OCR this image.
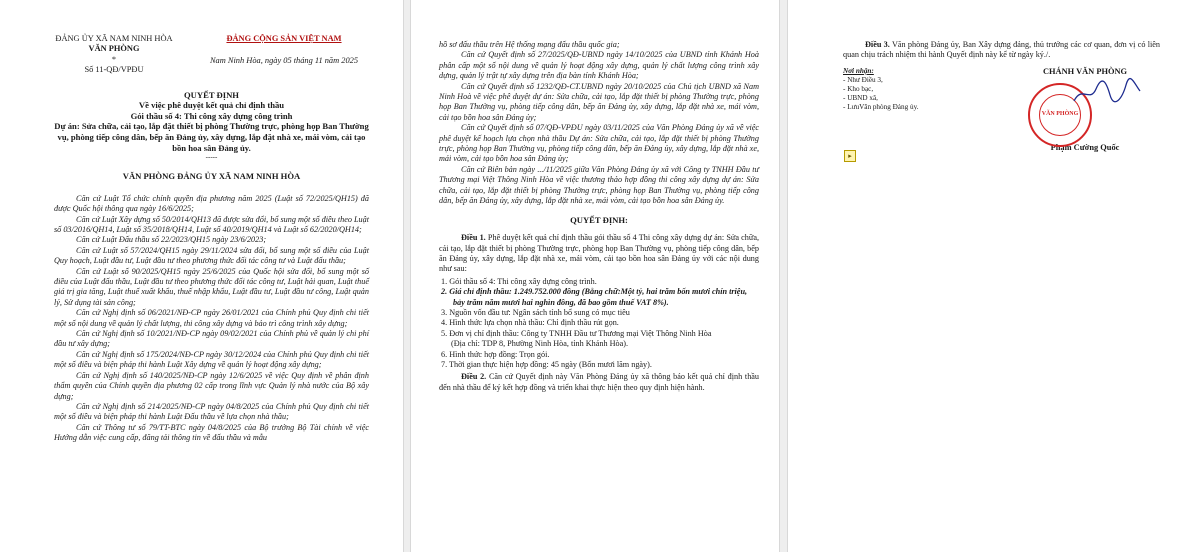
ĐẢNG ỦY XÃ NAM NINH HÒA

VĂN PHÒNG

*

Số 11-QĐ/VPĐU

ĐẢNG CỘNG SẢN VIỆT NAM

Nam Ninh Hòa, ngày 05 tháng 11 năm 2025

QUYẾT ĐỊNH

Về việc phê duyệt kết quả chỉ định thầu

Gói thầu số 4: Thi công xây dựng công trình

Dự án: Sửa chữa, cải tạo, lắp đặt thiết bị phòng Thường trực, phòng họp Ban Thường vụ, phòng tiếp công dân, bếp ăn Đảng ủy, xây dựng, lắp đặt nhà xe, mái vòm, cải tạo bồn hoa sân Đảng ủy.

-----

VĂN PHÒNG ĐẢNG ỦY XÃ NAM NINH HÒA

Căn cứ Luật Tổ chức chính quyền địa phương năm 2025 (Luật số 72/2025/QH15) đã được Quốc hội thông qua ngày 16/6/2025;

Căn cứ Luật Xây dựng số 50/2014/QH13 đã được sửa đổi, bổ sung một số điều theo Luật số 03/2016/QH14, Luật số 35/2018/QH14, Luật số 40/2019/QH14 và Luật số 62/2020/QH14;

Căn cứ Luật Đấu thầu số 22/2023/QH15 ngày 23/6/2023;

Căn cứ Luật số 57/2024/QH15 ngày 29/11/2024 sửa đổi, bổ sung một số điều của Luật Quy hoạch, Luật đầu tư, Luật đầu tư theo phương thức đối tác công tư và Luật đấu thầu;

Căn cứ Luật số 90/2025/QH15 ngày 25/6/2025 của Quốc hội sửa đổi, bổ sung một số điều của Luật đấu thầu, Luật đầu tư theo phương thức đối tác công tư, Luật hải quan, Luật thuế giá trị gia tăng, Luật thuế xuất khẩu, thuế nhập khẩu, Luật đầu tư, Luật đầu tư công, Luật quản lý, Sử dụng tài sản công;

Căn cứ Nghị định số 06/2021/NĐ-CP ngày 26/01/2021 của Chính phủ Quy định chi tiết một số nội dung về quản lý chất lượng, thi công xây dựng và bảo trì công trình xây dựng;

Căn cứ Nghị định số 10/2021/NĐ-CP ngày 09/02/2021 của Chính phủ về quản lý chi phí đầu tư xây dựng;

Căn cứ Nghị định số 175/2024/NĐ-CP ngày 30/12/2024 của Chính phủ Quy định chi tiết một số điều và biện pháp thi hành Luật Xây dựng về quản lý hoạt động xây dựng;

Căn cứ Nghị định số 140/2025/NĐ-CP ngày 12/6/2025 về việc Quy định về phân định thẩm quyền của Chính quyền địa phương 02 cấp trong lĩnh vực Quản lý nhà nước của Bộ xây dựng;

Căn cứ Nghị định số 214/2025/NĐ-CP ngày 04/8/2025 của Chính phủ Quy định chi tiết một số điều và biện pháp thi hành Luật Đấu thầu về lựa chọn nhà thầu;

Căn cứ Thông tư số 79/TT-BTC ngày 04/8/2025 của Bộ trưởng Bộ Tài chính về việc Hướng dẫn việc cung cấp, đăng tải thông tin về đấu thầu và mẫu

hồ sơ đấu thầu trên Hệ thống mạng đấu thầu quốc gia;

Căn cứ Quyết định số 27/2025/QĐ-UBND ngày 14/10/2025 của UBND tỉnh Khánh Hoà phân cấp một số nội dung về quản lý hoạt động xây dựng, quản lý chất lượng công trình xây dựng, quản lý trật tự xây dựng trên địa bàn tỉnh Khánh Hòa;

Căn cứ Quyết định số 1232/QĐ-CT.UBND ngày 20/10/2025 của Chủ tịch UBND xã Nam Ninh Hoà về việc phê duyệt dự án: Sửa chữa, cải tạo, lắp đặt thiết bị phòng Thường trực, phòng họp Ban Thường vụ, phòng tiếp công dân, bếp ăn Đảng ủy, xây dựng, lắp đặt nhà xe, mái vòm, cải tạo bồn hoa sân Đảng ủy;

Căn cứ Quyết định số 07/QĐ-VPĐU ngày 03/11/2025 của Văn Phòng Đảng ủy xã về việc phê duyệt kế hoạch lựa chọn nhà thầu Dự án: Sửa chữa, cải tạo, lắp đặt thiết bị phòng Thường trực, phòng họp Ban Thường vụ, phòng tiếp công dân, bếp ăn Đảng ủy, xây dựng, lắp đặt nhà xe, mái vòm, cải tạo bồn hoa sân Đảng ủy;

Căn cứ Biên bản ngày .../11/2025 giữa Văn Phòng Đảng ủy xã với Công ty TNHH Đầu tư Thương mại Việt Thông Ninh Hòa về việc thương thảo hợp đồng thi công xây dựng dự án: Sửa chữa, cải tạo, lắp đặt thiết bị phòng Thường trực, phòng họp Ban Thường vụ, phòng tiếp công dân, bếp ăn Đảng ủy, xây dựng, lắp đặt nhà xe, mái vòm, cải tạo bồn hoa sân Đảng ủy.

QUYẾT ĐỊNH:

Điều 1. Phê duyệt kết quả chỉ định thầu gói thầu số 4 Thi công xây dựng dự án: Sửa chữa, cải tạo, lắp đặt thiết bị phòng Thường trực, phòng họp Ban Thường vụ, phòng tiếp công dân, bếp ăn Đảng ủy, xây dựng, lắp đặt nhà xe, mái vòm, cải tạo bồn hoa sân Đảng ủy với các nội dung như sau:

1. Gói thầu số 4: Thi công xây dựng công trình.

2. Giá chỉ định thầu: 1.249.752.000 đồng (Bằng chữ:Một tỷ, hai trăm bốn mươi chín triệu, bảy trăm năm mươi hai nghìn đồng, đã bao gồm thuế VAT 8%).

3. Nguồn vốn đầu tư: Ngân sách tỉnh bổ sung có mục tiêu

4. Hình thức lựa chọn nhà thầu: Chỉ định thầu rút gọn.

5. Đơn vị chỉ định thầu: Công ty TNHH Đầu tư Thương mại Việt Thông Ninh Hòa

(Địa chỉ: TDP 8, Phường Ninh Hòa, tỉnh Khánh Hòa).

6. Hình thức hợp đồng: Trọn gói.

7. Thời gian thực hiện hợp đồng: 45 ngày (Bốn mươi lăm ngày).

Điều 2. Căn cứ Quyết định này Văn Phòng Đảng ủy xã thông báo kết quả chỉ định thầu đến nhà thầu để ký kết hợp đồng và triển khai thực hiện theo quy định hiện hành.

Điều 3. Văn phòng Đảng ủy, Ban Xây dựng đảng, thủ trưởng các cơ quan, đơn vị có liên quan chịu trách nhiệm thi hành Quyết định này kể từ ngày ký./.

Nơi nhận:

- Như Điều 3,

- Kho bạc,

- UBND xã,

- LưuVăn phòng Đảng ủy.

CHÁNH VĂN PHÒNG

VĂN PHÒNG

Phạm Cường Quốc

▸
